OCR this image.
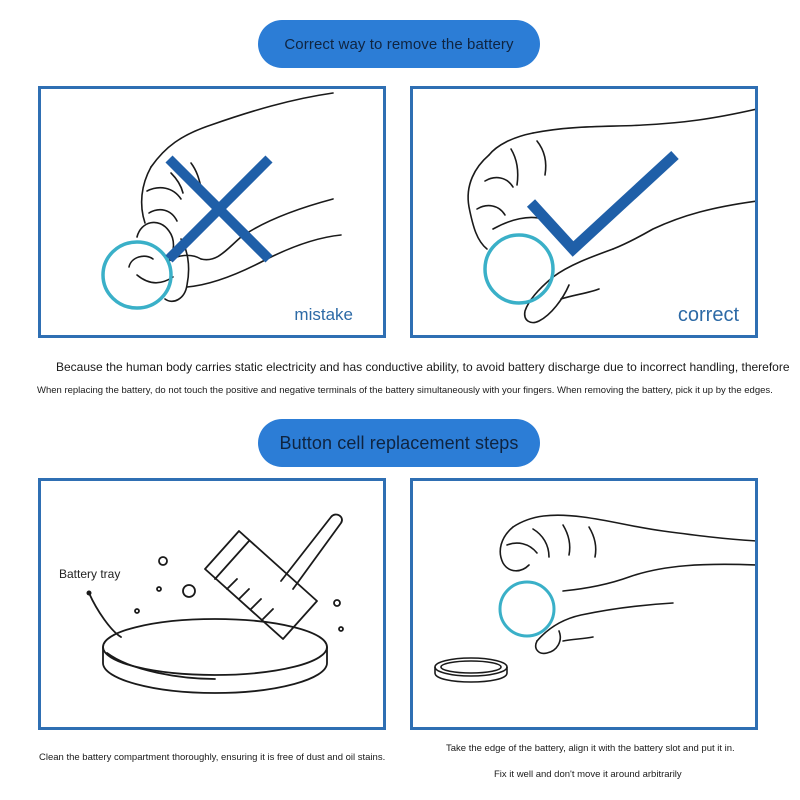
Correct way to remove the battery
mistake	correct
Because the human body carries static electricity and has conductive ability, to avoid battery discharge due to incorrect handling, therefore
When replacing the battery, do not touch the positive and negative terminals of the battery simultaneously with your fingers. When removing the battery, pick it up by the edges.
Button cell replacement steps
Battery tray
Clean the battery compartment thoroughly, ensuring it is free of dust and oil stains.
Take the edge of the battery, align it with the battery slot and put it in.
Fix it well and don't move it around arbitrarily
